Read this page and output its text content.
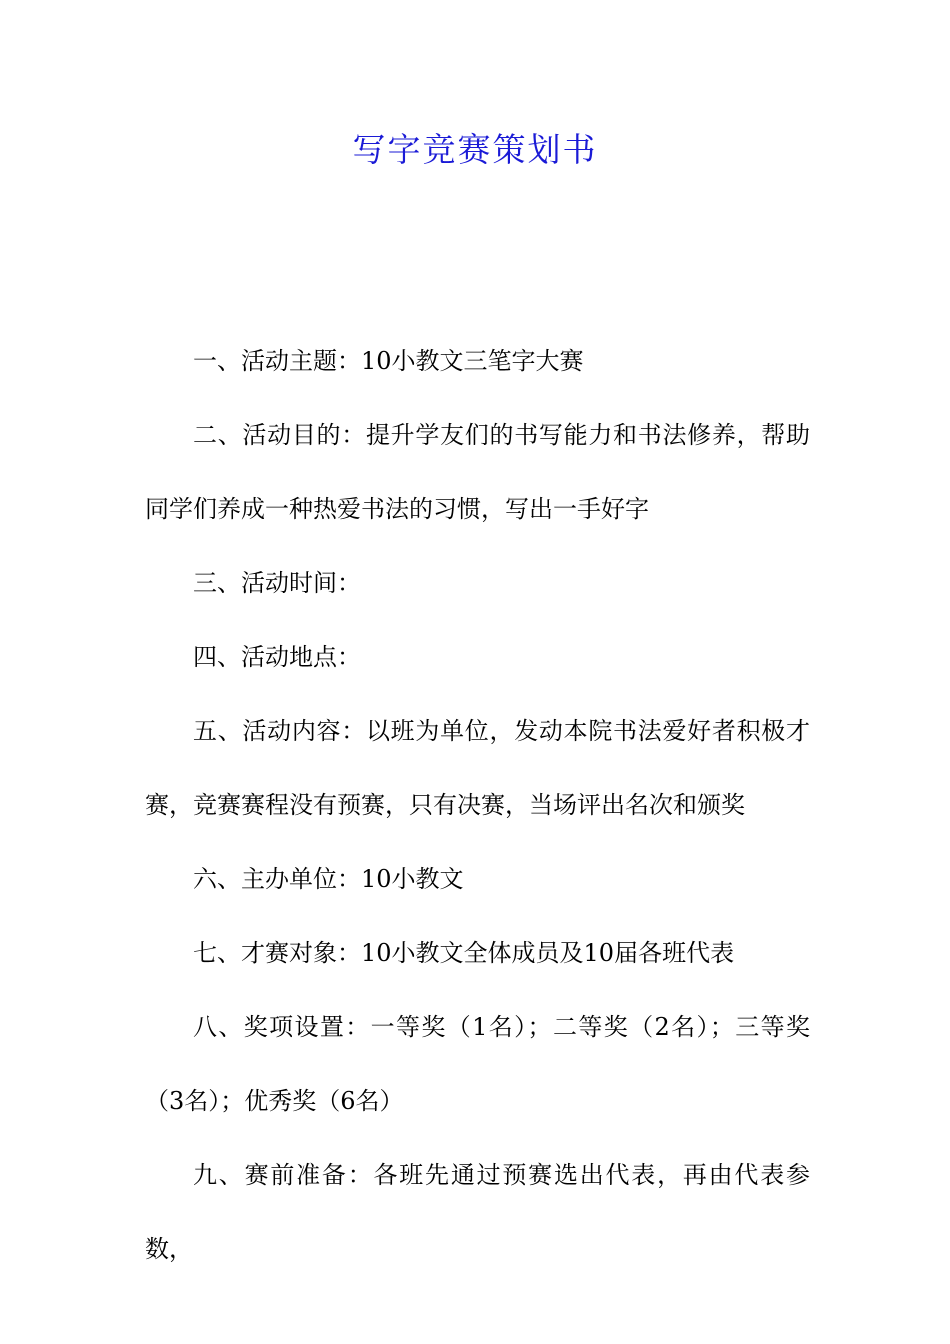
写字竞赛策划书

一、活动主题：10小教文三笔字大赛

二、活动目的：提升学友们的书写能力和书法修养，帮助同学们养成一种热爱书法的习惯，写出一手好字

三、活动时间：

四、活动地点：

五、活动内容：以班为单位，发动本院书法爱好者积极才赛，竞赛赛程没有预赛，只有决赛，当场评出名次和颁奖

六、主办单位：10小教文

七、才赛对象：10小教文全体成员及10届各班代表

八、奖项设置：一等奖（1名）；二等奖（2名）；三等奖（3名）；优秀奖（6名）

九、赛前准备：各班先通过预赛选出代表，再由代表参数，
